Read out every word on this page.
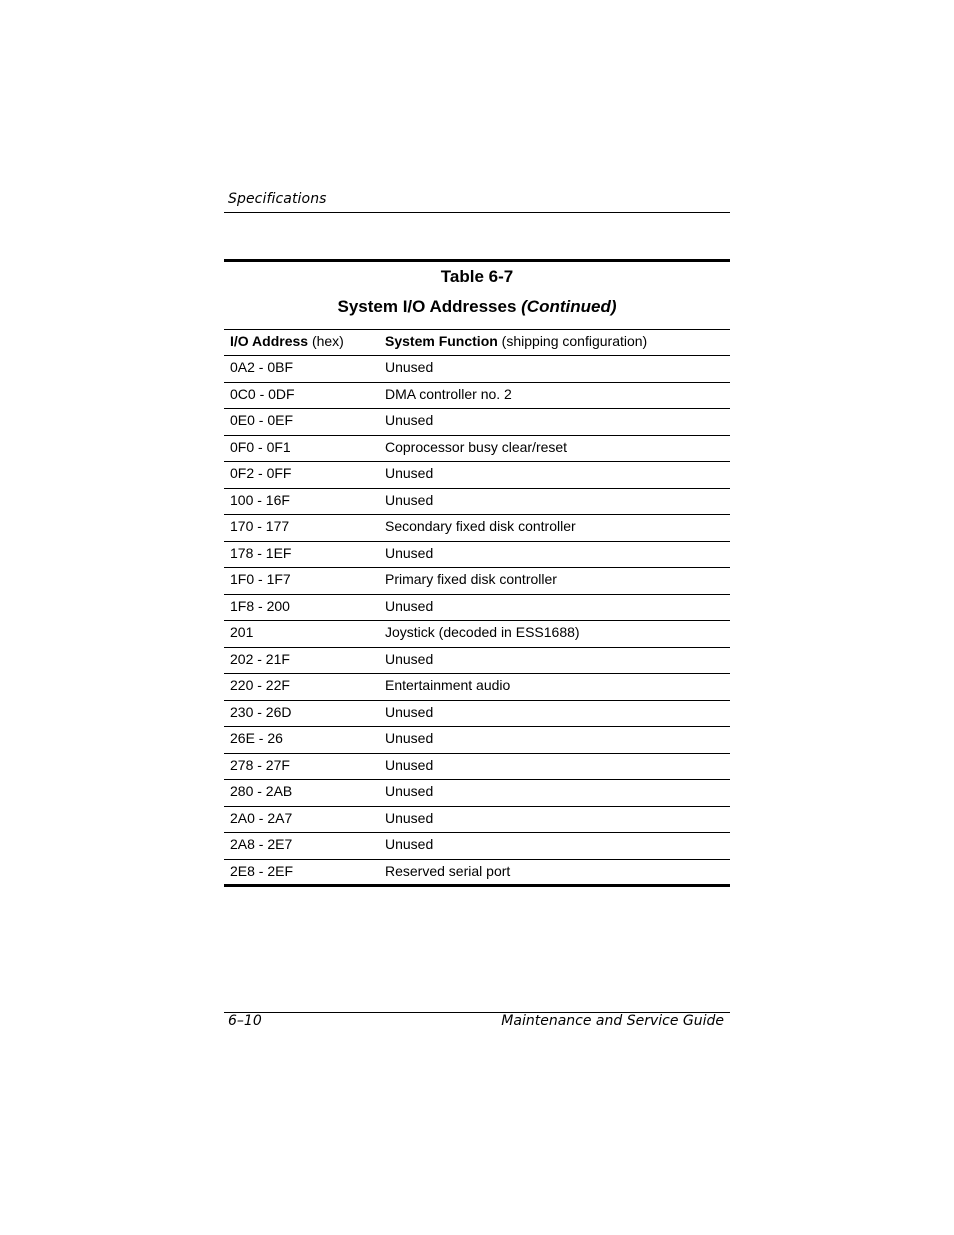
Specifications
Table 6-7
System I/O Addresses (Continued)
I/O Address (hex)	System Function (shipping configuration)
0A2 - 0BF	Unused
0C0 - 0DF	DMA controller no. 2
0E0 - 0EF	Unused
0F0 - 0F1	Coprocessor busy clear/reset
0F2 - 0FF	Unused
100 - 16F	Unused
170 - 177	Secondary fixed disk controller
178 - 1EF	Unused
1F0 - 1F7	Primary fixed disk controller
1F8 - 200	Unused
201	Joystick (decoded in ESS1688)
202 - 21F	Unused
220 - 22F	Entertainment audio
230 - 26D	Unused
26E - 26	Unused
278 - 27F	Unused
280 - 2AB	Unused
2A0 - 2A7	Unused
2A8 - 2E7	Unused
2E8 - 2EF	Reserved serial port
6–10	Maintenance and Service Guide
